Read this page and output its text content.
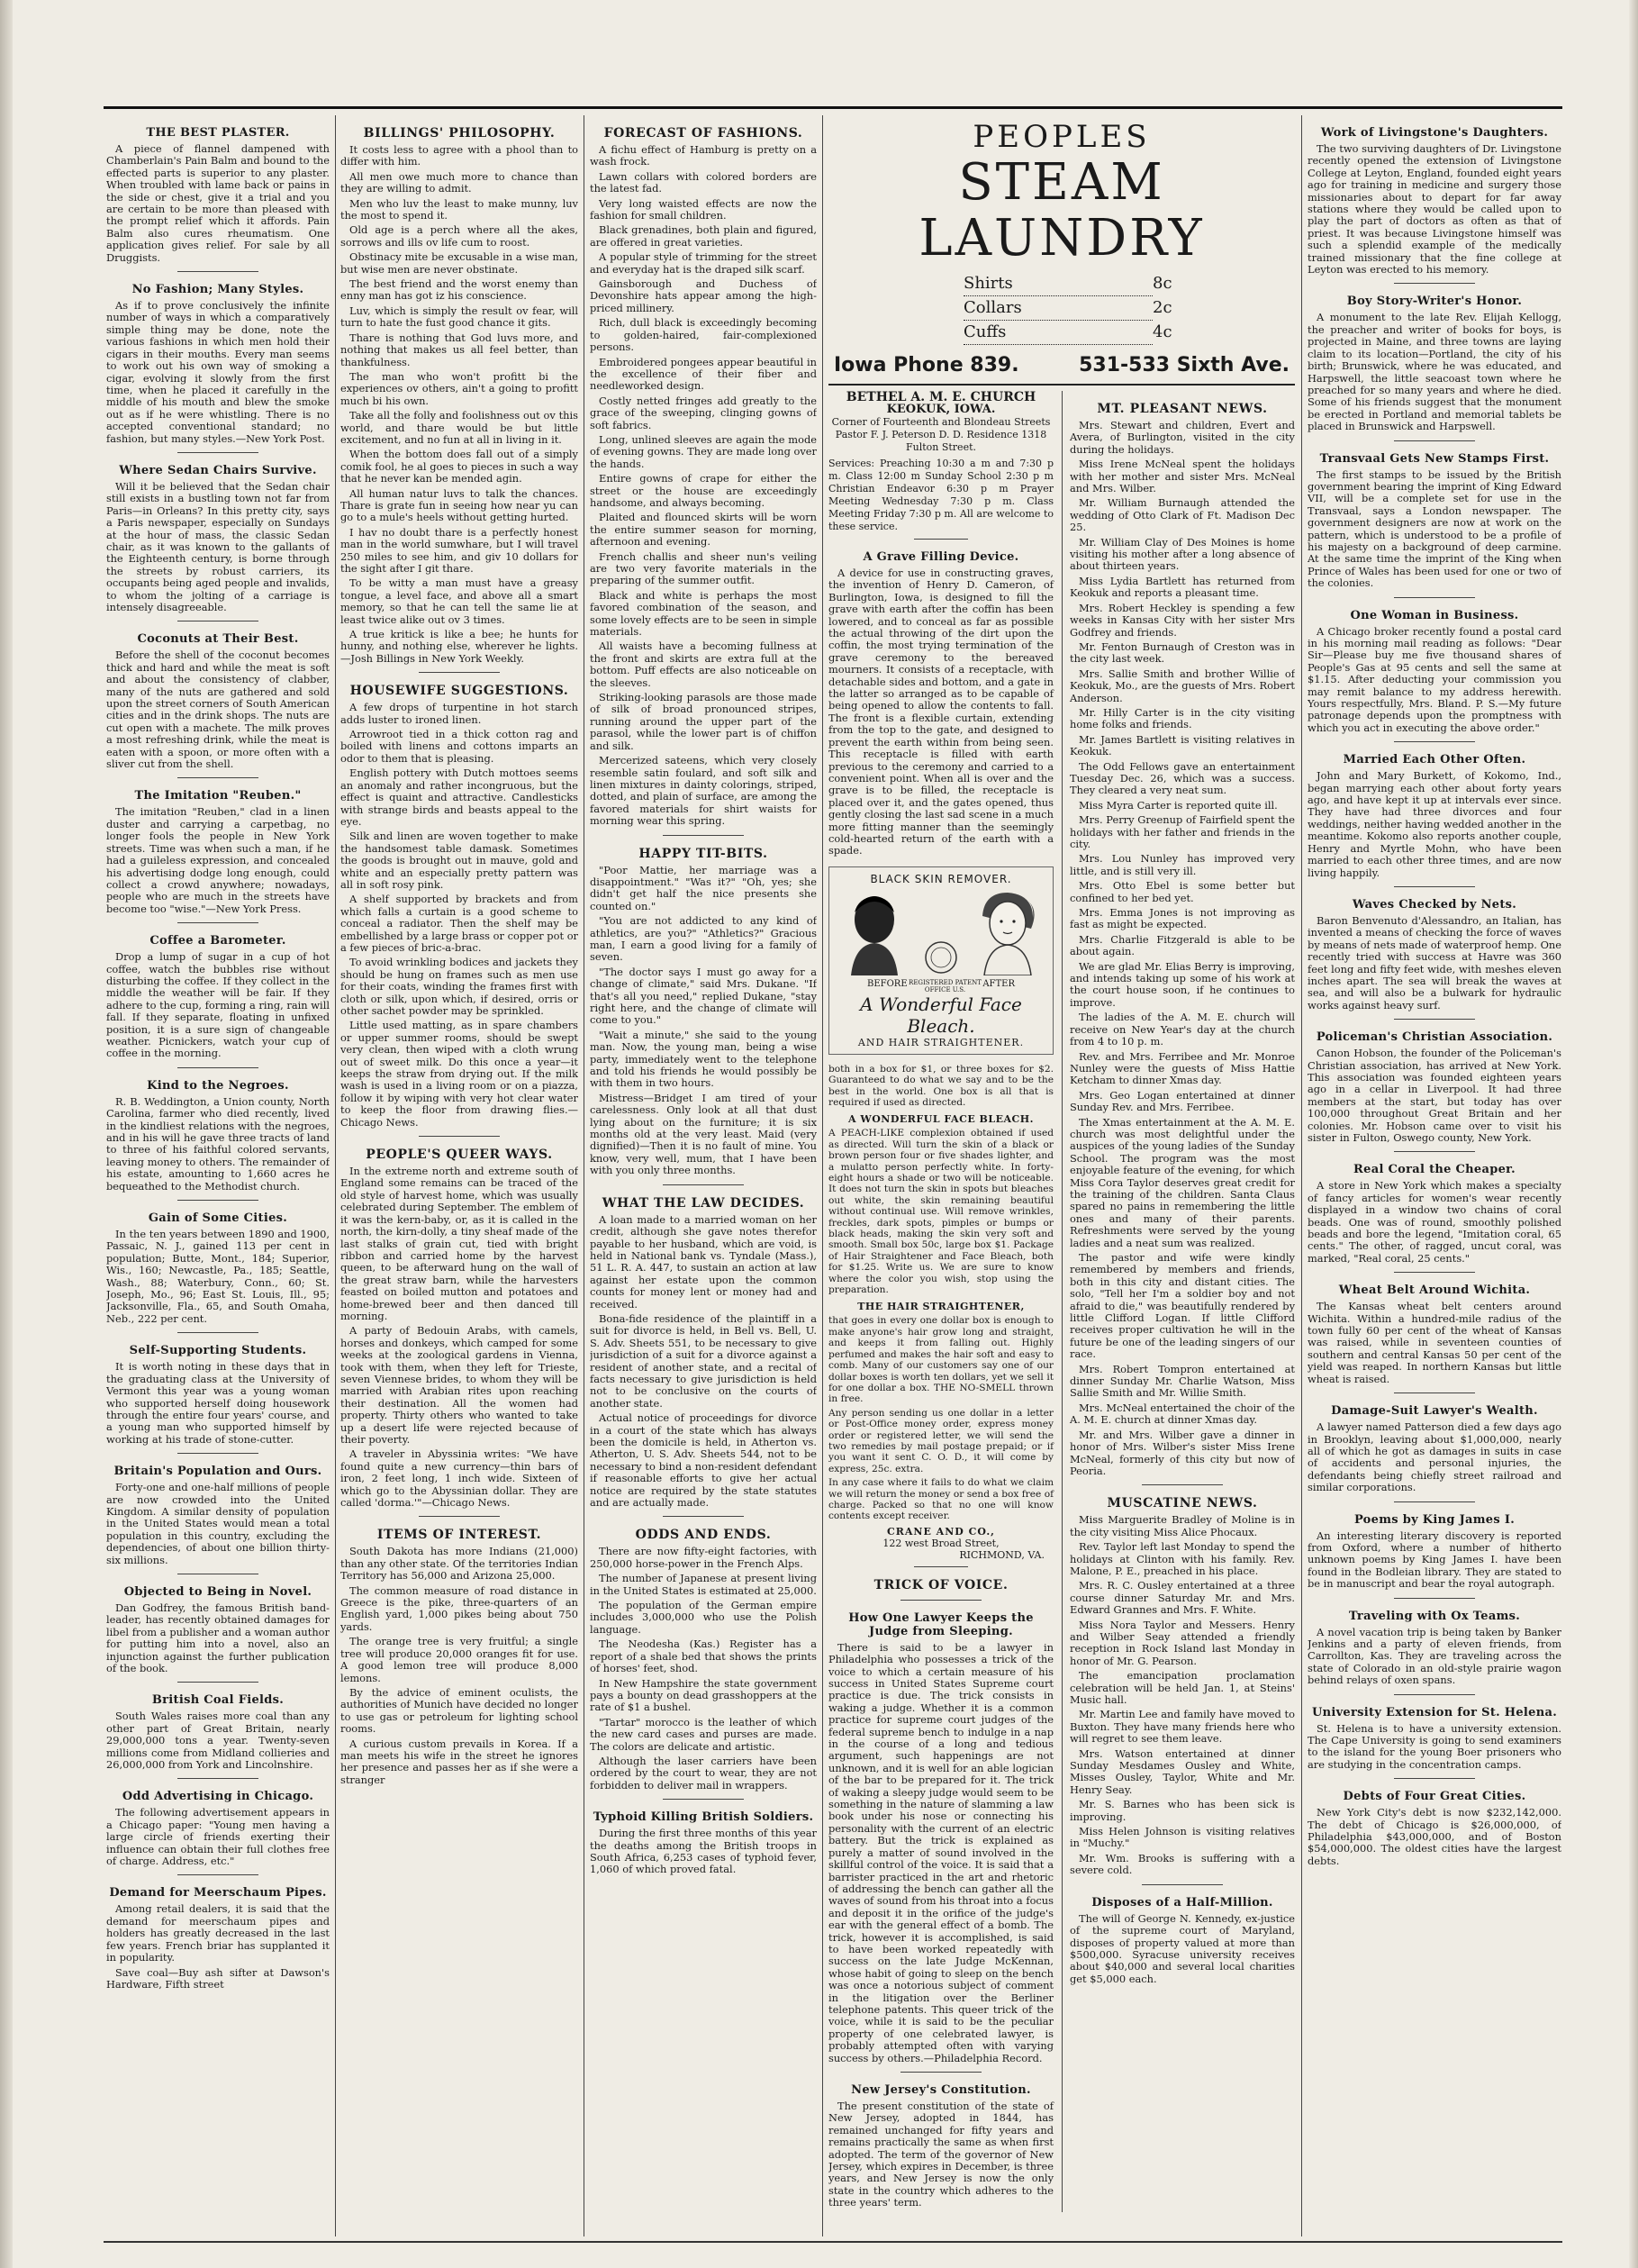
THE BEST PLASTER.

A piece of flannel dampened with Chamberlain's Pain Balm and bound to the effected parts is superior to any plaster. When troubled with lame back or pains in the side or chest, give it a trial and you are certain to be more than pleased with the prompt relief which it affords. Pain Balm also cures rheumatism. One application gives relief. For sale by all Druggists.

No Fashion; Many Styles.

As if to prove conclusively the infinite number of ways in which a comparatively simple thing may be done, note the various fashions in which men hold their cigars in their mouths. Every man seems to work out his own way of smoking a cigar, evolving it slowly from the first time, when he placed it carefully in the middle of his mouth and blew the smoke out as if he were whistling. There is no accepted conventional standard; no fashion, but many styles.—New York Post.

Where Sedan Chairs Survive.

Will it be believed that the Sedan chair still exists in a bustling town not far from Paris—in Orleans? In this pretty city, says a Paris newspaper, especially on Sundays at the hour of mass, the classic Sedan chair, as it was known to the gallants of the Eighteenth century, is borne through the streets by robust carriers, its occupants being aged people and invalids, to whom the jolting of a carriage is intensely disagreeable.

Coconuts at Their Best.

Before the shell of the coconut becomes thick and hard and while the meat is soft and about the consistency of clabber, many of the nuts are gathered and sold upon the street corners of South American cities and in the drink shops. The nuts are cut open with a machete. The milk proves a most refreshing drink, while the meat is eaten with a spoon, or more often with a sliver cut from the shell.

The Imitation "Reuben."

The imitation "Reuben," clad in a linen duster and carrying a carpetbag, no longer fools the people in New York streets. Time was when such a man, if he had a guileless expression, and concealed his advertising dodge long enough, could collect a crowd anywhere; nowadays, people who are much in the streets have become too "wise."—New York Press.

Coffee a Barometer.

Drop a lump of sugar in a cup of hot coffee, watch the bubbles rise without disturbing the coffee. If they collect in the middle the weather will be fair. If they adhere to the cup, forming a ring, rain will fall. If they separate, floating in unfixed position, it is a sure sign of changeable weather. Picnickers, watch your cup of coffee in the morning.

Kind to the Negroes.

R. B. Weddington, a Union county, North Carolina, farmer who died recently, lived in the kindliest relations with the negroes, and in his will he gave three tracts of land to three of his faithful colored servants, leaving money to others. The remainder of his estate, amounting to 1,660 acres he bequeathed to the Methodist church.

Gain of Some Cities.

In the ten years between 1890 and 1900, Passaic, N. J., gained 113 per cent in population; Butte, Mont., 184; Superior, Wis., 160; Newcastle, Pa., 185; Seattle, Wash., 88; Waterbury, Conn., 60; St. Joseph, Mo., 96; East St. Louis, Ill., 95; Jacksonville, Fla., 65, and South Omaha, Neb., 222 per cent.

Self-Supporting Students.

It is worth noting in these days that in the graduating class at the University of Vermont this year was a young woman who supported herself doing housework through the entire four years' course, and a young man who supported himself by working at his trade of stone-cutter.

Britain's Population and Ours.

Forty-one and one-half millions of people are now crowded into the United Kingdom. A similar density of population in the United States would mean a total population in this country, excluding the dependencies, of about one billion thirty-six millions.

Objected to Being in Novel.

Dan Godfrey, the famous British band-leader, has recently obtained damages for libel from a publisher and a woman author for putting him into a novel, also an injunction against the further publication of the book.

British Coal Fields.

South Wales raises more coal than any other part of Great Britain, nearly 29,000,000 tons a year. Twenty-seven millions come from Midland collieries and 26,000,000 from York and Lincolnshire.

Odd Advertising in Chicago.

The following advertisement appears in a Chicago paper: "Young men having a large circle of friends exerting their influence can obtain their full clothes free of charge. Address, etc."

Demand for Meerschaum Pipes.

Among retail dealers, it is said that the demand for meerschaum pipes and holders has greatly decreased in the last few years. French briar has supplanted it in popularity.

Save coal—Buy ash sifter at Dawson's Hardware, Fifth street

BILLINGS' PHILOSOPHY.

It costs less to agree with a phool than to differ with him.

All men owe much more to chance than they are willing to admit.

Men who luv the least to make munny, luv the most to spend it.

Old age is a perch where all the akes, sorrows and ills ov life cum to roost.

Obstinacy mite be excusable in a wise man, but wise men are never obstinate.

The best friend and the worst enemy than enny man has got iz his conscience.

Luv, which is simply the result ov fear, will turn to hate the fust good chance it gits.

Thare is nothing that God luvs more, and nothing that makes us all feel better, than thankfulness.

The man who won't profitt bi the experiences ov others, ain't a going to profitt much bi his own.

Take all the folly and foolishness out ov this world, and thare would be but little excitement, and no fun at all in living in it.

When the bottom does fall out of a simply comik fool, he al goes to pieces in such a way that he never kan be mended agin.

All human natur luvs to talk the chances. Thare is grate fun in seeing how near yu can go to a mule's heels without getting hurted.

I hav no doubt thare is a perfectly honest man in the world sumwhare, but I will travel 250 miles to see him, and giv 10 dollars for the sight after I git thare.

To be witty a man must have a greasy tongue, a level face, and above all a smart memory, so that he can tell the same lie at least twice alike out ov 3 times.

A true kritick is like a bee; he hunts for hunny, and nothing else, wherever he lights.—Josh Billings in New York Weekly.

HOUSEWIFE SUGGESTIONS.

A few drops of turpentine in hot starch adds luster to ironed linen.

Arrowroot tied in a thick cotton rag and boiled with linens and cottons imparts an odor to them that is pleasing.

English pottery with Dutch mottoes seems an anomaly and rather incongruous, but the effect is quaint and attractive. Candlesticks with strange birds and beasts appeal to the eye.

Silk and linen are woven together to make the handsomest table damask. Sometimes the goods is brought out in mauve, gold and white and an especially pretty pattern was all in soft rosy pink.

A shelf supported by brackets and from which falls a curtain is a good scheme to conceal a radiator. Then the shelf may be embellished by a large brass or copper pot or a few pieces of bric-a-brac.

To avoid wrinkling bodices and jackets they should be hung on frames such as men use for their coats, winding the frames first with cloth or silk, upon which, if desired, orris or other sachet powder may be sprinkled.

Little used matting, as in spare chambers or upper summer rooms, should be swept very clean, then wiped with a cloth wrung out of sweet milk. Do this once a year—it keeps the straw from drying out. If the milk wash is used in a living room or on a piazza, follow it by wiping with very hot clear water to keep the floor from drawing flies.—Chicago News.

PEOPLE'S QUEER WAYS.

In the extreme north and extreme south of England some remains can be traced of the old style of harvest home, which was usually celebrated during September. The emblem of it was the kern-baby, or, as it is called in the north, the kirn-dolly, a tiny sheaf made of the last stalks of grain cut, tied with bright ribbon and carried home by the harvest queen, to be afterward hung on the wall of the great straw barn, while the harvesters feasted on boiled mutton and potatoes and home-brewed beer and then danced till morning.

A party of Bedouin Arabs, with camels, horses and donkeys, which camped for some weeks at the zoological gardens in Vienna, took with them, when they left for Trieste, seven Viennese brides, to whom they will be married with Arabian rites upon reaching their destination. All the women had property. Thirty others who wanted to take up a desert life were rejected because of their poverty.

A traveler in Abyssinia writes: "We have found quite a new currency—thin bars of iron, 2 feet long, 1 inch wide. Sixteen of which go to the Abyssinian dollar. They are called 'dorma.'"—Chicago News.

ITEMS OF INTEREST.

South Dakota has more Indians (21,000) than any other state. Of the territories Indian Territory has 56,000 and Arizona 25,000.

The common measure of road distance in Greece is the pike, three-quarters of an English yard, 1,000 pikes being about 750 yards.

The orange tree is very fruitful; a single tree will produce 20,000 oranges fit for use. A good lemon tree will produce 8,000 lemons.

By the advice of eminent oculists, the authorities of Munich have decided no longer to use gas or petroleum for lighting school rooms.

A curious custom prevails in Korea. If a man meets his wife in the street he ignores her presence and passes her as if she were a stranger

FORECAST OF FASHIONS.

A fichu effect of Hamburg is pretty on a wash frock.

Lawn collars with colored borders are the latest fad.

Very long waisted effects are now the fashion for small children.

Black grenadines, both plain and figured, are offered in great varieties.

A popular style of trimming for the street and everyday hat is the draped silk scarf.

Gainsborough and Duchess of Devonshire hats appear among the high-priced millinery.

Rich, dull black is exceedingly becoming to golden-haired, fair-complexioned persons.

Embroidered pongees appear beautiful in the excellence of their fiber and needleworked design.

Costly netted fringes add greatly to the grace of the sweeping, clinging gowns of soft fabrics.

Long, unlined sleeves are again the mode of evening gowns. They are made long over the hands.

Entire gowns of crape for either the street or the house are exceedingly handsome, and always becoming.

Plaited and flounced skirts will be worn the entire summer season for morning, afternoon and evening.

French challis and sheer nun's veiling are two very favorite materials in the preparing of the summer outfit.

Black and white is perhaps the most favored combination of the season, and some lovely effects are to be seen in simple materials.

All waists have a becoming fullness at the front and skirts are extra full at the bottom. Puff effects are also noticeable on the sleeves.

Striking-looking parasols are those made of silk of broad pronounced stripes, running around the upper part of the parasol, while the lower part is of chiffon and silk.

Mercerized sateens, which very closely resemble satin foulard, and soft silk and linen mixtures in dainty colorings, striped, dotted, and plain of surface, are among the favored materials for shirt waists for morning wear this spring.

HAPPY TIT-BITS.

"Poor Mattie, her marriage was a disappointment." "Was it?" "Oh, yes; she didn't get half the nice presents she counted on."

"You are not addicted to any kind of athletics, are you?" "Athletics?" Gracious man, I earn a good living for a family of seven.

"The doctor says I must go away for a change of climate," said Mrs. Dukane. "If that's all you need," replied Dukane, "stay right here, and the change of climate will come to you."

"Wait a minute," she said to the young man. Now, the young man, being a wise party, immediately went to the telephone and told his friends he would possibly be with them in two hours.

Mistress—Bridget I am tired of your carelessness. Only look at all that dust lying about on the furniture; it is six months old at the very least. Maid (very dignified)—Then it is no fault of mine. You know, very well, mum, that I have been with you only three months.

WHAT THE LAW DECIDES.

A loan made to a married woman on her credit, although she gave notes therefor payable to her husband, which are void, is held in National bank vs. Tyndale (Mass.), 51 L. R. A. 447, to sustain an action at law against her estate upon the common counts for money lent or money had and received.

Bona-fide residence of the plaintiff in a suit for divorce is held, in Bell vs. Bell, U. S. Adv. Sheets 551, to be necessary to give jurisdiction of a suit for a divorce against a resident of another state, and a recital of facts necessary to give jurisdiction is held not to be conclusive on the courts of another state.

Actual notice of proceedings for divorce in a court of the state which has always been the domicile is held, in Atherton vs. Atherton, U. S. Adv. Sheets 544, not to be necessary to bind a non-resident defendant if reasonable efforts to give her actual notice are required by the state statutes and are actually made.

ODDS AND ENDS.

There are now fifty-eight factories, with 250,000 horse-power in the French Alps.

The number of Japanese at present living in the United States is estimated at 25,000.

The population of the German empire includes 3,000,000 who use the Polish language.

The Neodesha (Kas.) Register has a report of a shale bed that shows the prints of horses' feet, shod.

In New Hampshire the state government pays a bounty on dead grasshoppers at the rate of $1 a bushel.

"Tartar" morocco is the leather of which the new card cases and purses are made. The colors are delicate and artistic.

Although the laser carriers have been ordered by the court to wear, they are not forbidden to deliver mail in wrappers.

Typhoid Killing British Soldiers.

During the first three months of this year the deaths among the British troops in South Africa, 6,253 cases of typhoid fever, 1,060 of which proved fatal.

PEOPLES
STEAM LAUNDRY
Shirts	8c
Collars	2c
Cuffs	4c
Iowa Phone 839.	531-533 Sixth Ave.
BETHEL A. M. E. CHURCH
KEOKUK, IOWA.
Corner of Fourteenth and Blondeau Streets
Pastor F. J. Peterson D. D. Residence 1318 Fulton Street.

Services: Preaching 10:30 a m and 7:30 p m. Class 12:00 m Sunday School 2:30 p m Christian Endeavor 6:30 p m Prayer Meeting Wednesday 7:30 p m. Class Meeting Friday 7:30 p m. All are welcome to these service.

A Grave Filling Device.

A device for use in constructing graves, the invention of Henry D. Cameron, of Burlington, Iowa, is designed to fill the grave with earth after the coffin has been lowered, and to conceal as far as possible the actual throwing of the dirt upon the coffin, the most trying termination of the grave ceremony to the bereaved mourners. It consists of a receptacle, with detachable sides and bottom, and a gate in the latter so arranged as to be capable of being opened to allow the contents to fall. The front is a flexible curtain, extending from the top to the gate, and designed to prevent the earth within from being seen. This receptacle is filled with earth previous to the ceremony and carried to a convenient point. When all is over and the grave is to be filled, the receptacle is placed over it, and the gates opened, thus gently closing the last sad scene in a much more fitting manner than the seemingly cold-hearted return of the earth with a spade.

BLACK SKIN REMOVER.
BEFORE REGISTERED PATENT OFFICE U.S.
AFTER
A Wonderful Face Bleach.
AND HAIR STRAIGHTENER.

both in a box for $1, or three boxes for $2. Guaranteed to do what we say and to be the best in the world. One box is all that is required if used as directed.

A WONDERFUL FACE BLEACH.

A PEACH-LIKE complexion obtained if used as directed. Will turn the skin of a black or brown person four or five shades lighter, and a mulatto person perfectly white. In forty-eight hours a shade or two will be noticeable. It does not turn the skin in spots but bleaches out white, the skin remaining beautiful without continual use. Will remove wrinkles, freckles, dark spots, pimples or bumps or black heads, making the skin very soft and smooth. Small box 50c, large box $1. Package of Hair Straightener and Face Bleach, both for $1.25. Write us. We are sure to know where the color you wish, stop using the preparation.

THE HAIR STRAIGHTENER,

that goes in every one dollar box is enough to make anyone's hair grow long and straight, and keeps it from falling out. Highly perfumed and makes the hair soft and easy to comb. Many of our customers say one of our dollar boxes is worth ten dollars, yet we sell it for one dollar a box. THE NO-SMELL thrown in free.

Any person sending us one dollar in a letter or Post-Office money order, express money order or registered letter, we will send the two remedies by mail postage prepaid; or if you want it sent C. O. D., it will come by express, 25c. extra.

In any case where it fails to do what we claim we will return the money or send a box free of charge. Packed so that no one will know contents except receiver.

CRANE AND CO.,
122 west Broad Street,
RICHMOND, VA.
TRICK OF VOICE.
How One Lawyer Keeps the Judge from Sleeping.

There is said to be a lawyer in Philadelphia who possesses a trick of the voice to which a certain measure of his success in United States Supreme court practice is due. The trick consists in waking a judge. Whether it is a common practice for supreme court judges of the federal supreme bench to indulge in a nap in the course of a long and tedious argument, such happenings are not unknown, and it is well for an able logician of the bar to be prepared for it. The trick of waking a sleepy judge would seem to be something in the nature of slamming a law book under his nose or connecting his personality with the current of an electric battery. But the trick is explained as purely a matter of sound involved in the skillful control of the voice. It is said that a barrister practiced in the art and rhetoric of addressing the bench can gather all the waves of sound from his throat into a focus and deposit it in the orifice of the judge's ear with the general effect of a bomb. The trick, however it is accomplished, is said to have been worked repeatedly with success on the late Judge McKennan, whose habit of going to sleep on the bench was once a notorious subject of comment in the litigation over the Berliner telephone patents. This queer trick of the voice, while it is said to be the peculiar property of one celebrated lawyer, is probably attempted often with varying success by others.—Philadelphia Record.

New Jersey's Constitution.

The present constitution of the state of New Jersey, adopted in 1844, has remained unchanged for fifty years and remains practically the same as when first adopted. The term of the governor of New Jersey, which expires in December, is three years, and New Jersey is now the only state in the country which adheres to the three years' term.

MT. PLEASANT NEWS.

Mrs. Stewart and children, Evert and Avera, of Burlington, visited in the city during the holidays.

Miss Irene McNeal spent the holidays with her mother and sister Mrs. McNeal and Mrs. Wilber.

Mr. William Burnaugh attended the wedding of Otto Clark of Ft. Madison Dec 25.

Mr. William Clay of Des Moines is home visiting his mother after a long absence of about thirteen years.

Miss Lydia Bartlett has returned from Keokuk and reports a pleasant time.

Mrs. Robert Heckley is spending a few weeks in Kansas City with her sister Mrs Godfrey and friends.

Mr. Fenton Burnaugh of Creston was in the city last week.

Mrs. Sallie Smith and brother Willie of Keokuk, Mo., are the guests of Mrs. Robert Anderson.

Mr. Hilly Carter is in the city visiting home folks and friends.

Mr. James Bartlett is visiting relatives in Keokuk.

The Odd Fellows gave an entertainment Tuesday Dec. 26, which was a success. They cleared a very neat sum.

Miss Myra Carter is reported quite ill.

Mrs. Perry Greenup of Fairfield spent the holidays with her father and friends in the city.

Mrs. Lou Nunley has improved very little, and is still very ill.

Mrs. Otto Ebel is some better but confined to her bed yet.

Mrs. Emma Jones is not improving as fast as might be expected.

Mrs. Charlie Fitzgerald is able to be about again.

We are glad Mr. Elias Berry is improving, and intends taking up some of his work at the court house soon, if he continues to improve.

The ladies of the A. M. E. church will receive on New Year's day at the church from 4 to 10 p. m.

Rev. and Mrs. Ferribee and Mr. Monroe Nunley were the guests of Miss Hattie Ketcham to dinner Xmas day.

Mrs. Geo Logan entertained at dinner Sunday Rev. and Mrs. Ferribee.

The Xmas entertainment at the A. M. E. church was most delightful under the auspices of the young ladies of the Sunday School. The program was the most enjoyable feature of the evening, for which Miss Cora Taylor deserves great credit for the training of the children. Santa Claus spared no pains in remembering the little ones and many of their parents. Refreshments were served by the young ladies and a neat sum was realized.

The pastor and wife were kindly remembered by members and friends, both in this city and distant cities. The solo, "Tell her I'm a soldier boy and not afraid to die," was beautifully rendered by little Clifford Logan. If little Clifford receives proper cultivation he will in the future be one of the leading singers of our race.

Mrs. Robert Tompron entertained at dinner Sunday Mr. Charlie Watson, Miss Sallie Smith and Mr. Willie Smith.

Mrs. McNeal entertained the choir of the A. M. E. church at dinner Xmas day.

Mr. and Mrs. Wilber gave a dinner in honor of Mrs. Wilber's sister Miss Irene McNeal, formerly of this city but now of Peoria.

MUSCATINE NEWS.

Miss Marguerite Bradley of Moline is in the city visiting Miss Alice Phocaux.

Rev. Taylor left last Monday to spend the holidays at Clinton with his family. Rev. Malone, P. E., preached in his place.

Mrs. R. C. Ousley entertained at a three course dinner Saturday Mr. and Mrs. Edward Grannes and Mrs. F. White.

Miss Nora Taylor and Messers. Henry and Wilber Seay attended a friendly reception in Rock Island last Monday in honor of Mr. G. Pearson.

The emancipation proclamation celebration will be held Jan. 1, at Steins' Music hall.

Mr. Martin Lee and family have moved to Buxton. They have many friends here who will regret to see them leave.

Mrs. Watson entertained at dinner Sunday Mesdames Ousley and White, Misses Ousley, Taylor, White and Mr. Henry Seay.

Mr. S. Barnes who has been sick is improving.

Miss Helen Johnson is visiting relatives in "Muchy."

Mr. Wm. Brooks is suffering with a severe cold.

Disposes of a Half-Million.

The will of George N. Kennedy, ex-justice of the supreme court of Maryland, disposes of property valued at more than $500,000. Syracuse university receives about $40,000 and several local charities get $5,000 each.

Work of Livingstone's Daughters.

The two surviving daughters of Dr. Livingstone recently opened the extension of Livingstone College at Leyton, England, founded eight years ago for training in medicine and surgery those missionaries about to depart for far away stations where they would be called upon to play the part of doctors as often as that of priest. It was because Livingstone himself was such a splendid example of the medically trained missionary that the fine college at Leyton was erected to his memory.

Boy Story-Writer's Honor.

A monument to the late Rev. Elijah Kellogg, the preacher and writer of books for boys, is projected in Maine, and three towns are laying claim to its location—Portland, the city of his birth; Brunswick, where he was educated, and Harpswell, the little seacoast town where he preached for so many years and where he died. Some of his friends suggest that the monument be erected in Portland and memorial tablets be placed in Brunswick and Harpswell.

Transvaal Gets New Stamps First.

The first stamps to be issued by the British government bearing the imprint of King Edward VII, will be a complete set for use in the Transvaal, says a London newspaper. The government designers are now at work on the pattern, which is understood to be a profile of his majesty on a background of deep carmine. At the same time the imprint of the King when Prince of Wales has been used for one or two of the colonies.

One Woman in Business.

A Chicago broker recently found a postal card in his morning mail reading as follows: "Dear Sir—Please buy me five thousand shares of People's Gas at 95 cents and sell the same at $1.15. After deducting your commission you may remit balance to my address herewith. Yours respectfully, Mrs. Bland. P. S.—My future patronage depends upon the promptness with which you act in executing the above order."

Married Each Other Often.

John and Mary Burkett, of Kokomo, Ind., began marrying each other about forty years ago, and have kept it up at intervals ever since. They have had three divorces and four weddings, neither having wedded another in the meantime. Kokomo also reports another couple, Henry and Myrtle Mohn, who have been married to each other three times, and are now living happily.

Waves Checked by Nets.

Baron Benvenuto d'Alessandro, an Italian, has invented a means of checking the force of waves by means of nets made of waterproof hemp. One recently tried with success at Havre was 360 feet long and fifty feet wide, with meshes eleven inches apart. The sea will break the waves at sea, and will also be a bulwark for hydraulic works against heavy surf.

Policeman's Christian Association.

Canon Hobson, the founder of the Policeman's Christian association, has arrived at New York. This association was founded eighteen years ago in a cellar in Liverpool. It had three members at the start, but today has over 100,000 throughout Great Britain and her colonies. Mr. Hobson came over to visit his sister in Fulton, Oswego county, New York.

Real Coral the Cheaper.

A store in New York which makes a specialty of fancy articles for women's wear recently displayed in a window two chains of coral beads. One was of round, smoothly polished beads and bore the legend, "Imitation coral, 65 cents." The other, of ragged, uncut coral, was marked, "Real coral, 25 cents."

Wheat Belt Around Wichita.

The Kansas wheat belt centers around Wichita. Within a hundred-mile radius of the town fully 60 per cent of the wheat of Kansas was raised, while in seventeen counties of southern and central Kansas 50 per cent of the yield was reaped. In northern Kansas but little wheat is raised.

Damage-Suit Lawyer's Wealth.

A lawyer named Patterson died a few days ago in Brooklyn, leaving about $1,000,000, nearly all of which he got as damages in suits in case of accidents and personal injuries, the defendants being chiefly street railroad and similar corporations.

Poems by King James I.

An interesting literary discovery is reported from Oxford, where a number of hitherto unknown poems by King James I. have been found in the Bodleian library. They are stated to be in manuscript and bear the royal autograph.

Traveling with Ox Teams.

A novel vacation trip is being taken by Banker Jenkins and a party of eleven friends, from Carrollton, Kas. They are traveling across the state of Colorado in an old-style prairie wagon behind relays of oxen spans.

University Extension for St. Helena.

St. Helena is to have a university extension. The Cape University is going to send examiners to the island for the young Boer prisoners who are studying in the concentration camps.

Debts of Four Great Cities.

New York City's debt is now $232,142,000. The debt of Chicago is $26,000,000, of Philadelphia $43,000,000, and of Boston $54,000,000. The oldest cities have the largest debts.
